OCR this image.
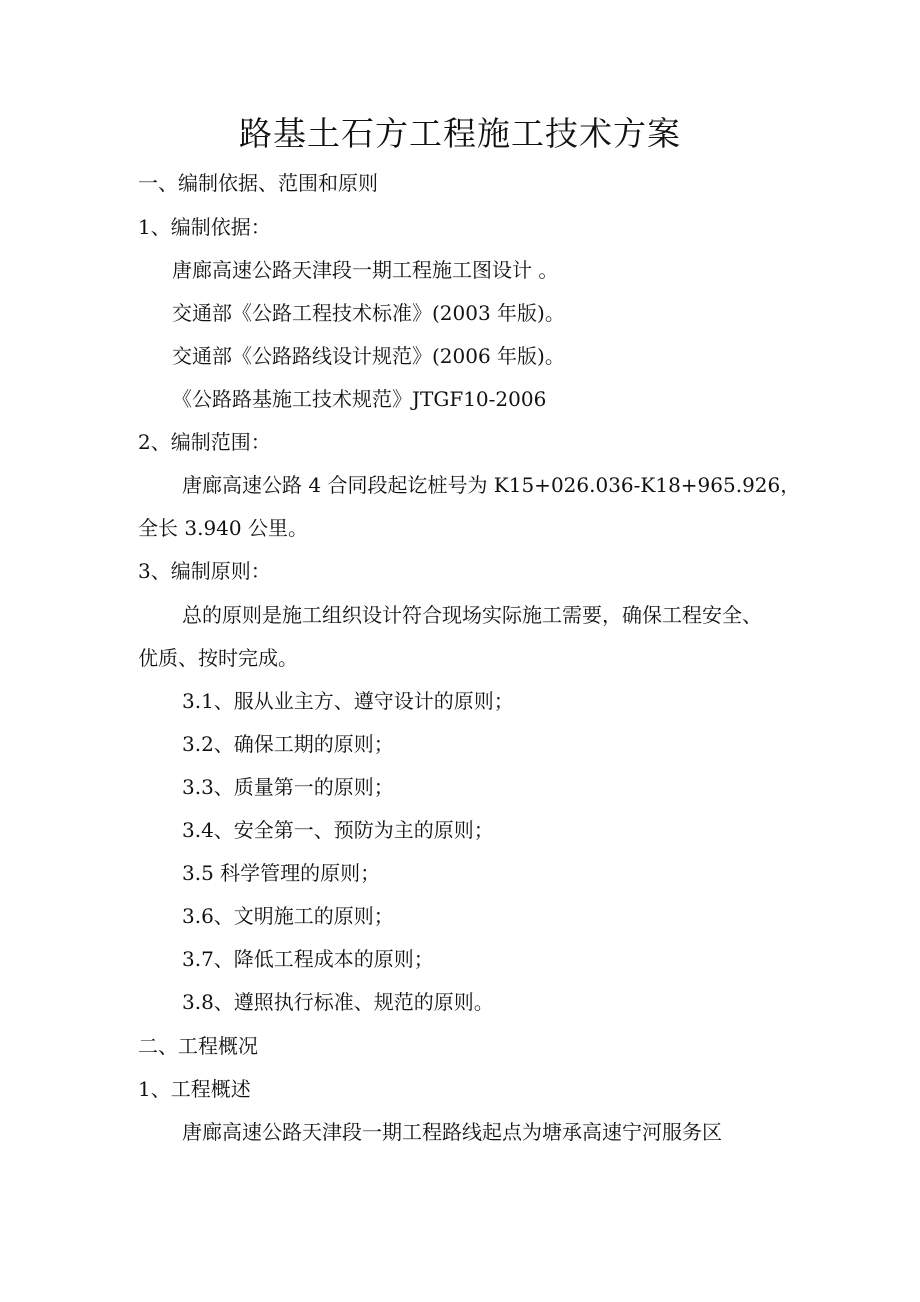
路基土石方工程施工技术方案
一、编制依据、范围和原则
1、编制依据：
唐廊高速公路天津段一期工程施工图设计 。
交通部《公路工程技术标准》(2003 年版)。
交通部《公路路线设计规范》(2006 年版)。
《公路路基施工技术规范》JTGF10-2006
2、编制范围：
唐廊高速公路 4 合同段起讫桩号为 K15+026.036-K18+965.926，
全长 3.940 公里。
3、编制原则：
总的原则是施工组织设计符合现场实际施工需要，确保工程安全、
优质、按时完成。
3.1、服从业主方、遵守设计的原则；
3.2、确保工期的原则；
3.3、质量第一的原则；
3.4、安全第一、预防为主的原则；
3.5 科学管理的原则；
3.6、文明施工的原则；
3.7、降低工程成本的原则；
3.8、遵照执行标准、规范的原则。
二、工程概况
1、工程概述
唐廊高速公路天津段一期工程路线起点为塘承高速宁河服务区
